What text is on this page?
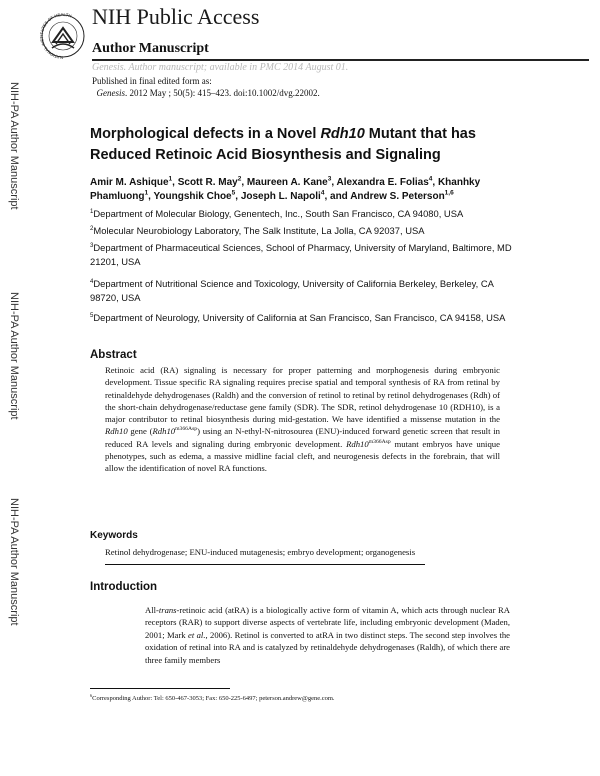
NATIONAL IN UTES OF HEALTH NIH Public Access
Author Manuscript
Genesis. Author manuscript; available in PMC 2014 August 01.
Published in final edited form as:
Genesis. 2012 May ; 50(5): 415–423. doi:10.1002/dvg.22002.
NIH-PA Author Manuscript
NIH-PA Author Manuscript
NIH-PA Author Manuscript
Morphological defects in a Novel Rdh10 Mutant that has Reduced Retinoic Acid Biosynthesis and Signaling
Amir M. Ashique$^1$, Scott R. May$^2$, Maureen A. Kane$^3$, Alexandra E. Folias$^4$, Khanhky Phamluong$^1$, Youngshik Choe$^5$, Joseph L. Napoli$^4$, and Andrew S. Peterson$^{1,6}$
$^1$Department of Molecular Biology, Genentech, Inc., South San Francisco, CA 94080, USA
$^2$Molecular Neurobiology Laboratory, The Salk Institute, La Jolla, CA 92037, USA
$^3$Department of Pharmaceutical Sciences, School of Pharmacy, University of Maryland, Baltimore, MD 21201, USA
$^4$Department of Nutritional Science and Toxicology, University of California Berkeley, Berkeley, CA 98720, USA
$^5$Department of Neurology, University of California at San Francisco, San Francisco, CA 94158, USA
Abstract
Retinoic acid (RA) signaling is necessary for proper patterning and morphogenesis during embryonic development. Tissue specific RA signaling requires precise spatial and temporal synthesis of RA from retinal by retinaldehyde dehydrogenases (Raldh) and the conversion of retinol to retinal by retinol dehydrogenases (Rdh) of the short-chain dehydrogenase/reductase gene family (SDR). The SDR, retinol dehydrogenase 10 (RDH10), is a major contributor to retinal biosynthesis during mid-gestation. We have identified a missense mutation in the Rdh10 gene $(Rdh10^{m366Asp})$ using an N-ethyl-N-nitrosourea (ENU)-induced forward genetic screen that result in reduced RA levels and signaling during embryonic development. $Rdh10^{m366Asp}$ mutant embryos have unique phenotypes, such as edema, a massive midline facial cleft, and neurogenesis defects in the forebrain, that will allow the identification of novel RA functions.
Keywords
Retinol dehydrogenase; ENU-induced mutagenesis; embryo development; organogenesis
Introduction
All-trans-retinoic acid (atRA) is a biologically active form of vitamin A, which acts through nuclear RA receptors (RAR) to support diverse aspects of vertebrate life, including embryonic development (Maden, 2001; Mark et al., 2006). Retinol is converted to atRA in two distinct steps. The second step involves the oxidation of retinal into RA and is catalyzed by retinaldehyde dehydrogenases (Raldh), of which there are three family members
$^6$Corresponding Author: Tel: 650-467-3053; Fax: 650-225-6497; peterson.andrew@gene.com.
